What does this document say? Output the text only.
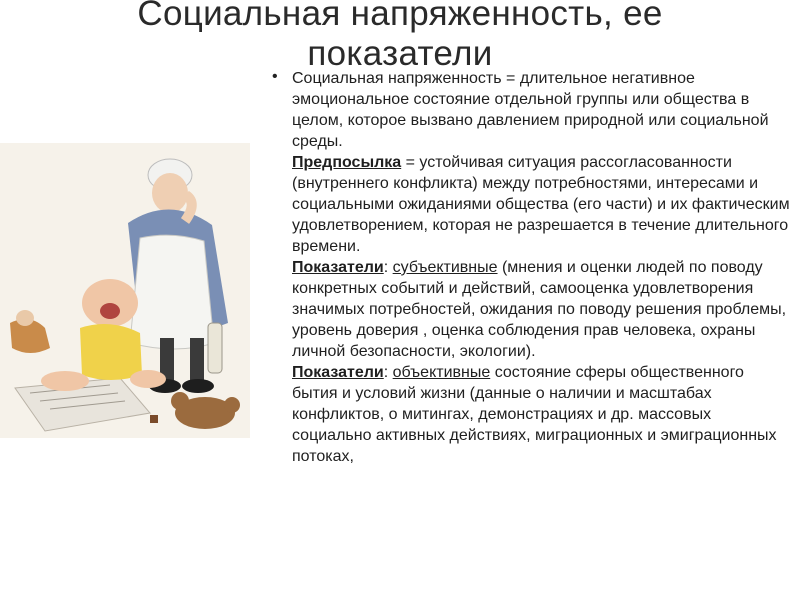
Социальная напряженность, ее показатели
• Социальная напряженность = длительное негативное эмоциональное состояние отдельной группы или общества в целом, которое вызвано давлением природной или социальной среды.

Предпосылка = устойчивая ситуация рассогласованности (внутреннего конфликта) между потребностями, интересами и социальными ожиданиями общества (его части) и их фактическим удовлетворением, которая не разрешается в течение длительного времени.

Показатели: субъективные (мнения и оценки людей по поводу конкретных событий и действий, самооценка удовлетворения значимых потребностей, ожидания по поводу решения проблемы, уровень доверия , оценка соблюдения прав человека, охраны личной безопасности, экологии).

Показатели: объективные состояние сферы общественного бытия и условий жизни (данные о наличии и масштабах конфликтов, о митингах, демонстрациях и др. массовых социально активных действиях, миграционных и эмиграционных потоках,
